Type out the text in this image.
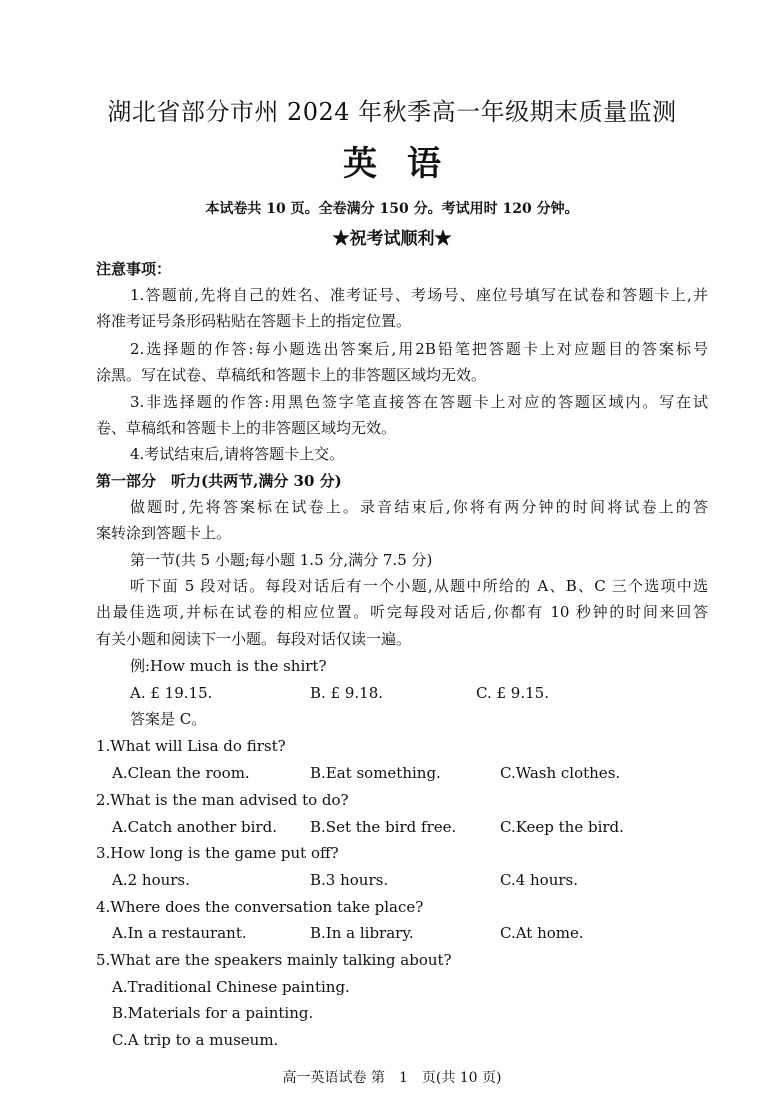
湖北省部分市州 2024 年秋季高一年级期末质量监测
英语
本试卷共 10 页。全卷满分 150 分。考试用时 120 分钟。
★祝考试顺利★
注意事项：
1.答题前,先将自己的姓名、准考证号、考场号、座位号填写在试卷和答题卡上,并
将准考证号条形码粘贴在答题卡上的指定位置。
2.选择题的作答:每小题选出答案后,用2B铅笔把答题卡上对应题目的答案标号
涂黑。写在试卷、草稿纸和答题卡上的非答题区域均无效。
3.非选择题的作答:用黑色签字笔直接答在答题卡上对应的答题区域内。写在试
卷、草稿纸和答题卡上的非答题区域均无效。
4.考试结束后,请将答题卡上交。
第一部分　听力(共两节,满分 30 分)
做题时,先将答案标在试卷上。录音结束后,你将有两分钟的时间将试卷上的答
案转涂到答题卡上。
第一节(共 5 小题;每小题 1.5 分,满分 7.5 分)
听下面 5 段对话。每段对话后有一个小题,从题中所给的 A、B、C 三个选项中选
出最佳选项,并标在试卷的相应位置。听完每段对话后,你都有 10 秒钟的时间来回答
有关小题和阅读下一小题。每段对话仅读一遍。
例:How much is the shirt?
A. £ 19.15.	B. £ 9.18.	C. £ 9.15.
答案是 C。
1.What will Lisa do first?
A.Clean the room.	B.Eat something.	C.Wash clothes.
2.What is the man advised to do?
A.Catch another bird. B.Set the bird free.	C.Keep the bird.
3.How long is the game put off?
A.2 hours.	B.3 hours.	C.4 hours.
4.Where does the conversation take place?
A.In a restaurant.	B.In a library.	C.At home.
5.What are the speakers mainly talking about?
A.Traditional Chinese painting.
B.Materials for a painting.
C.A trip to a museum.
高一英语试卷 第　1　页(共 10 页)
